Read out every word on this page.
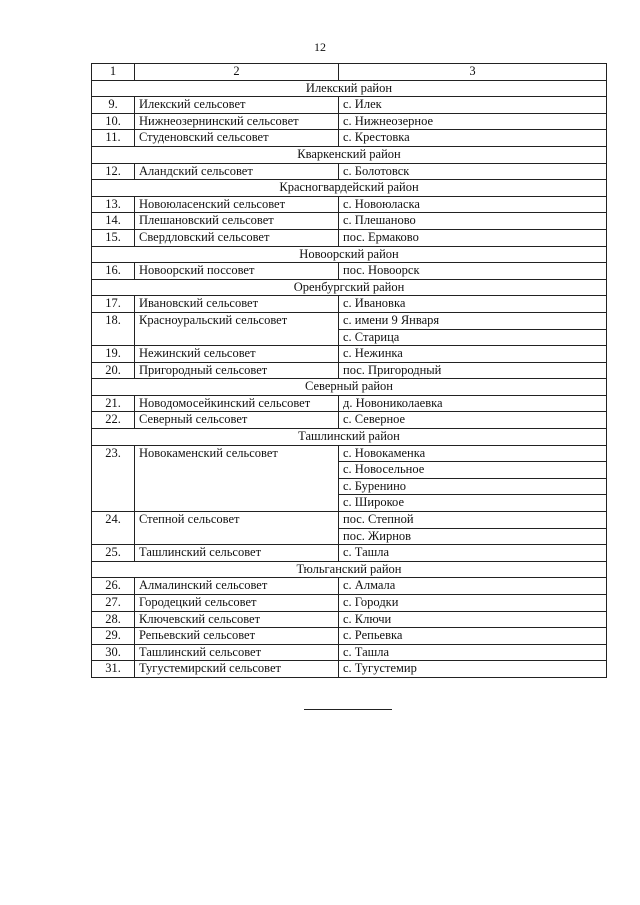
12
1	2	3
Илекский район		
9.	Илекский сельсовет	с. Илек
10.	Нижнеозернинский сельсовет	с. Нижнеозерное
11.	Студеновский сельсовет	с. Крестовка
Кваркенский район		
12.	Аландский сельсовет	с. Болотовск
Красногвардейский район		
13.	Новоюласенский сельсовет	с. Новоюласка
14.	Плешановский сельсовет	с. Плешаново
15.	Свердловский сельсовет	пос. Ермаково
Новоорский район		
16.	Новоорский поссовет	пос. Новоорск
Оренбургский район		
17.	Ивановский сельсовет	с. Ивановка
18.	Красноуральский сельсовет	с. имени 9 Января
		с. Старица
19.	Нежинский сельсовет	с. Нежинка
20.	Пригородный сельсовет	пос. Пригородный
Северный район		
21.	Новодомосейкинский сельсовет	д. Новониколаевка
22.	Северный сельсовет	с. Северное
Ташлинский район		
23.	Новокаменский сельсовет	с. Новокаменка
		с. Новосельное
		с. Буренино
		с. Широкое
24.	Степной сельсовет	пос. Степной
		пос. Жирнов
25.	Ташлинский сельсовет	с. Ташла
Тюльганский район		
26.	Алмалинский сельсовет	с. Алмала
27.	Городецкий сельсовет	с. Городки
28.	Ключевский сельсовет	с. Ключи
29.	Репьевский сельсовет	с. Репьевка
30.	Ташлинский сельсовет	с. Ташла
31.	Тугустемирский сельсовет	с. Тугустемир
